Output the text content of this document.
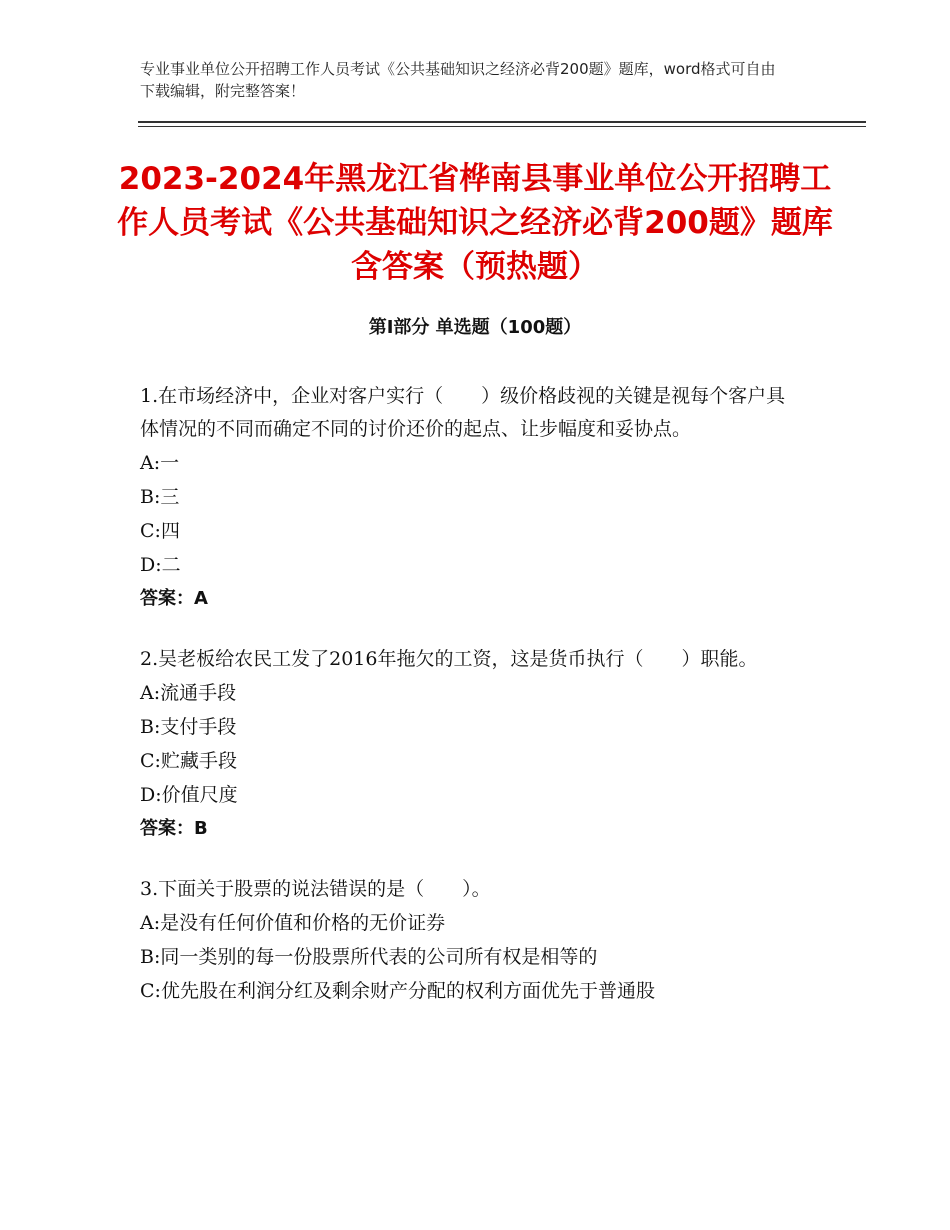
专业事业单位公开招聘工作人员考试《公共基础知识之经济必背200题》题库，word格式可自由下载编辑，附完整答案！
2023-2024年黑龙江省桦南县事业单位公开招聘工作人员考试《公共基础知识之经济必背200题》题库含答案（预热题）
第Ⅰ部分 单选题（100题）

1.在市场经济中，企业对客户实行（　　）级价格歧视的关键是视每个客户具体情况的不同而确定不同的讨价还价的起点、让步幅度和妥协点。

A:一

B:三

C:四

D:二

答案：A

2.吴老板给农民工发了2016年拖欠的工资，这是货币执行（　　）职能。

A:流通手段

B:支付手段

C:贮藏手段

D:价值尺度

答案：B

3.下面关于股票的说法错误的是（　　）。

A:是没有任何价值和价格的无价证券

B:同一类别的每一份股票所代表的公司所有权是相等的

C:优先股在利润分红及剩余财产分配的权利方面优先于普通股
